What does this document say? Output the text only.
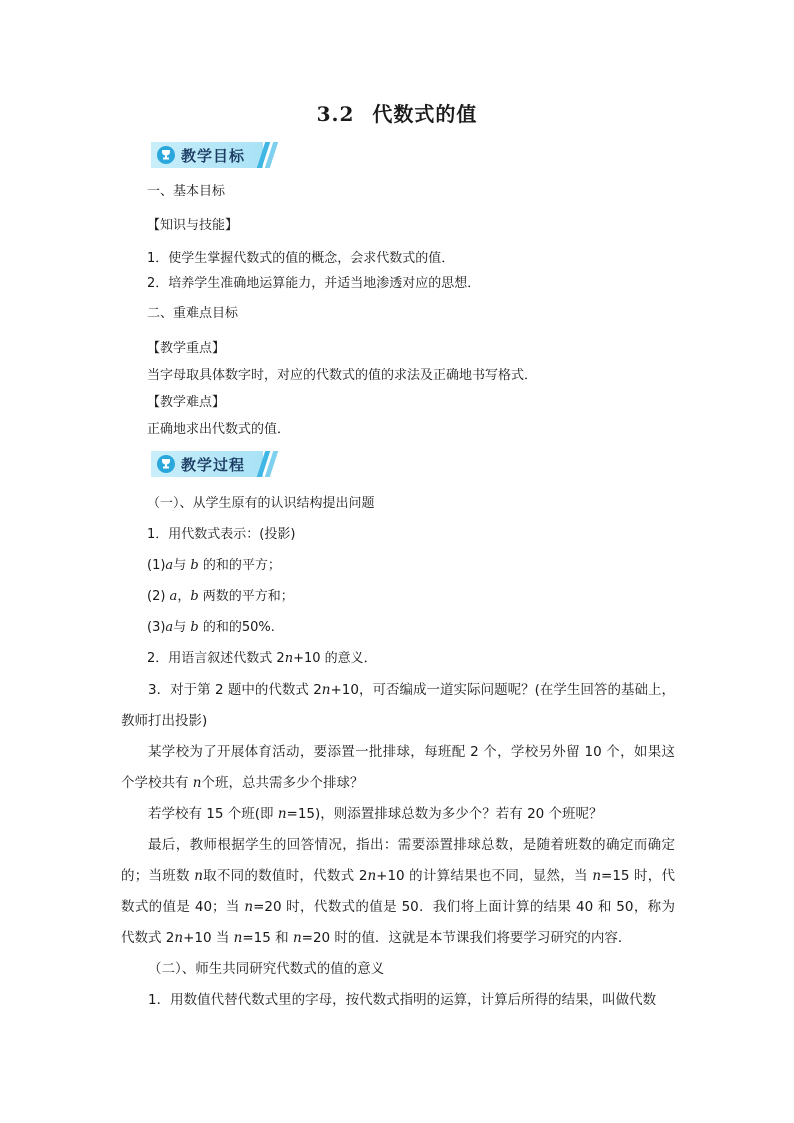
3.2 代数式的值
教学目标
一、基本目标
【知识与技能】
1．使学生掌握代数式的值的概念，会求代数式的值．
2．培养学生准确地运算能力，并适当地渗透对应的思想．
二、重难点目标
【教学重点】
当字母取具体数字时，对应的代数式的值的求法及正确地书写格式．
【教学难点】
正确地求出代数式的值．
教学过程
（一）、从学生原有的认识结构提出问题
1．用代数式表示：(投影)
(1)a与 b 的和的平方；
(2) a，b 两数的平方和；
(3)a与 b 的和的50%.
2．用语言叙述代数式 2n+10 的意义．
3．对于第 2 题中的代数式 2n+10，可否编成一道实际问题呢？(在学生回答的基础上，教师打出投影)
某学校为了开展体育活动，要添置一批排球，每班配 2 个，学校另外留 10 个，如果这个学校共有 n个班，总共需多少个排球？
若学校有 15 个班(即 n=15)，则添置排球总数为多少个？若有 20 个班呢？
最后，教师根据学生的回答情况，指出：需要添置排球总数，是随着班数的确定而确定的；当班数 n取不同的数值时，代数式 2n+10 的计算结果也不同，显然，当 n=15 时，代数式的值是 40；当 n=20 时，代数式的值是 50．我们将上面计算的结果 40 和 50，称为代数式 2n+10 当 n=15 和 n=20 时的值．这就是本节课我们将要学习研究的内容．
（二）、师生共同研究代数式的值的意义
1．用数值代替代数式里的字母，按代数式指明的运算，计算后所得的结果，叫做代数
